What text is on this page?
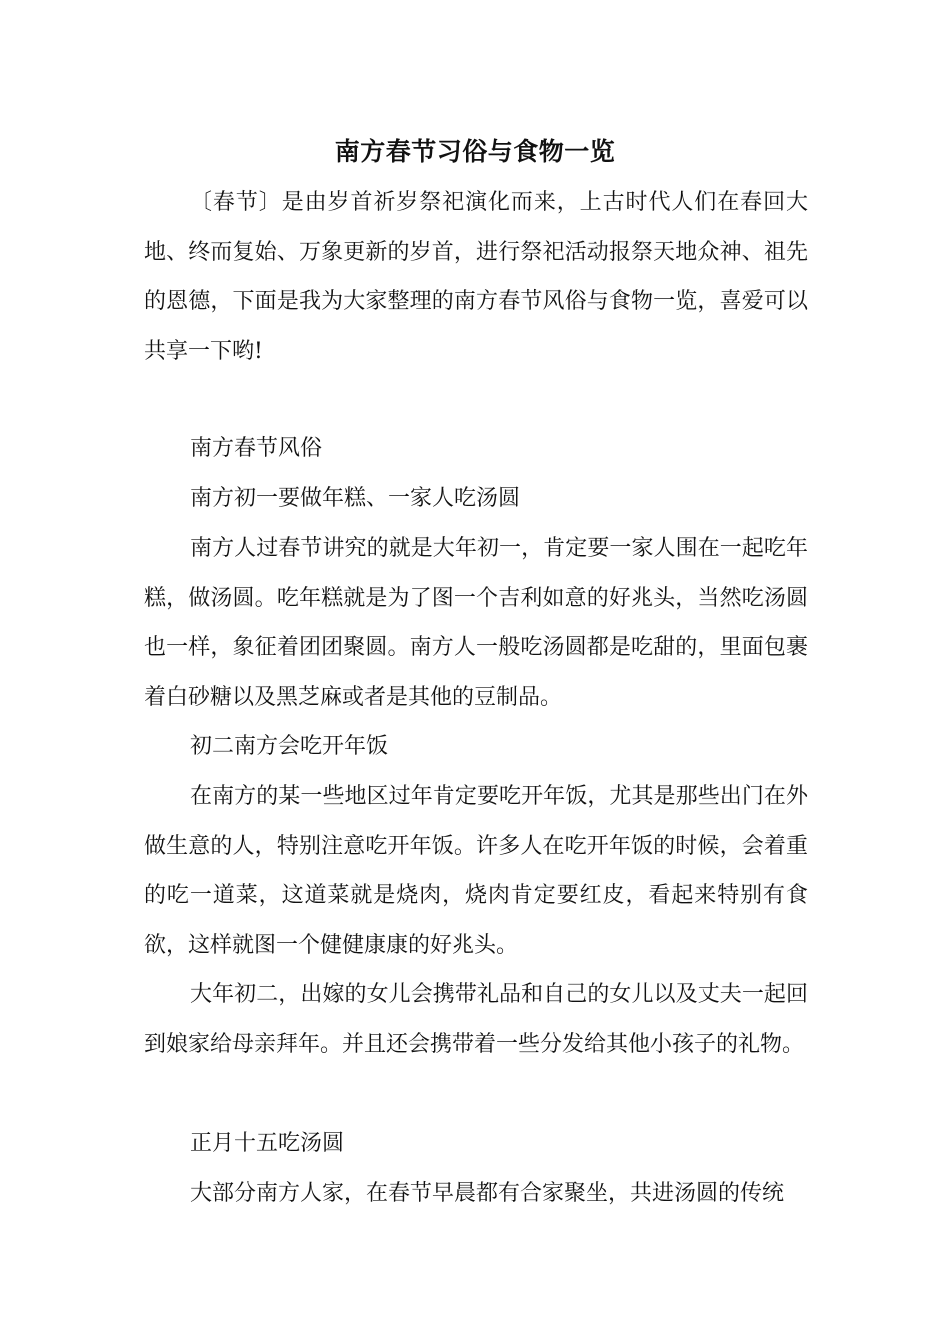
南方春节习俗与食物一览

〔春节〕是由岁首祈岁祭祀演化而来，上古时代人们在春回大地、终而复始、万象更新的岁首，进行祭祀活动报祭天地众神、祖先的恩德，下面是我为大家整理的南方春节风俗与食物一览，喜爱可以共享一下哟!

南方春节风俗

南方初一要做年糕、一家人吃汤圆

南方人过春节讲究的就是大年初一，肯定要一家人围在一起吃年糕，做汤圆。吃年糕就是为了图一个吉利如意的好兆头，当然吃汤圆也一样，象征着团团聚圆。南方人一般吃汤圆都是吃甜的，里面包裹着白砂糖以及黑芝麻或者是其他的豆制品。

初二南方会吃开年饭

在南方的某一些地区过年肯定要吃开年饭，尤其是那些出门在外做生意的人，特别注意吃开年饭。许多人在吃开年饭的时候，会着重的吃一道菜，这道菜就是烧肉，烧肉肯定要红皮，看起来特别有食欲，这样就图一个健健康康的好兆头。

大年初二，出嫁的女儿会携带礼品和自己的女儿以及丈夫一起回到娘家给母亲拜年。并且还会携带着一些分发给其他小孩子的礼物。

正月十五吃汤圆

大部分南方人家，在春节早晨都有合家聚坐，共进汤圆的传统
